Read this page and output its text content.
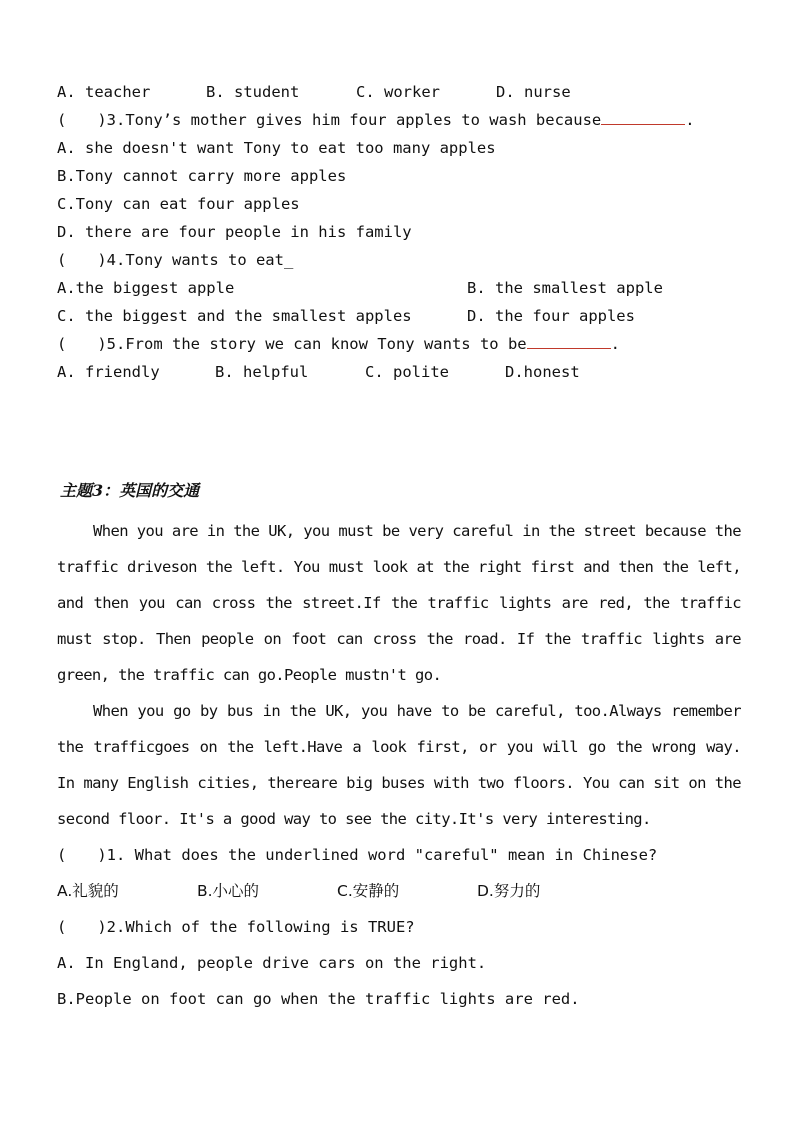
A. teacher	B. student	C. worker	D. nurse
(　　)3.Tony’s mother gives him four apples to wash because	.
A. she doesn't want Tony to eat too many apples
B.Tony cannot carry more apples
C.Tony can eat four apples
D. there are four people in his family
(　　)4.Tony wants to eat_
A.the biggest apple	B. the smallest apple
C. the biggest and the smallest apples	D. the four apples
(　　)5.From the story we can know Tony wants to be	.
A. friendly	B. helpful	C. polite	D.honest
主题3：英国的交通
When you are in the UK, you must be very careful in the street because the traffic driveson the left. You must look at the right first and then the left, and then you can cross the street.If the traffic lights are red, the traffic must stop. Then people on foot can cross the road. If the traffic lights are green, the traffic can go.People mustn't go.
When you go by bus in the UK, you have to be careful, too.Always remember the trafficgoes on the left.Have a look first, or you will go the wrong way. In many English cities, thereare big buses with two floors. You can sit on the second floor. It's a good way to see the city.It's very interesting.
(　　)1. What does the underlined word "careful" mean in Chinese?
A.礼貌的	B.小心的	C.安静的	D.努力的
(　　)2.Which of the following is TRUE?
A. In England, people drive cars on the right.
B.People on foot can go when the traffic lights are red.
